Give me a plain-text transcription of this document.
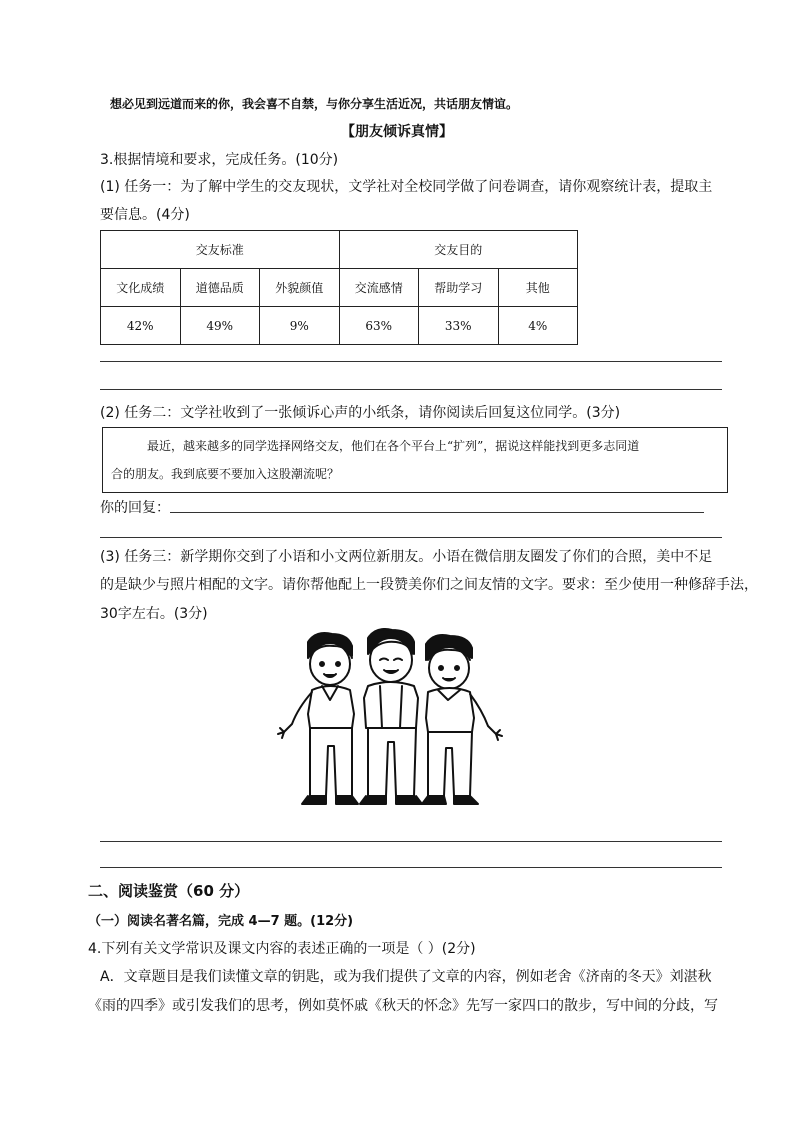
想必见到远道而来的你，我会喜不自禁，与你分享生活近况，共话朋友情谊。
【朋友倾诉真情】
3.根据情境和要求，完成任务。(10分)
(1) 任务一：为了解中学生的交友现状，文学社对全校同学做了问卷调查，请你观察统计表，提取主
要信息。(4分)
交友标准			交友目的		
文化成绩	道德品质	外貌颜值	交流感情	帮助学习	其他
42%	49%	9%	63%	33%	4%
(2) 任务二：文学社收到了一张倾诉心声的小纸条，请你阅读后回复这位同学。(3分)
最近，越来越多的同学选择网络交友，他们在各个平台上“扩列”，据说这样能找到更多志同道
合的朋友。我到底要不要加入这股潮流呢？
你的回复：
(3) 任务三：新学期你交到了小语和小文两位新朋友。小语在微信朋友圈发了你们的合照，美中不足
的是缺少与照片相配的文字。请你帮他配上一段赞美你们之间友情的文字。要求：至少使用一种修辞手法，
30字左右。(3分)
二、阅读鉴赏（60 分）
（一）阅读名著名篇，完成 4—7 题。(12分)
4.下列有关文学常识及课文内容的表述正确的一项是（ ）(2分)
A．文章题目是我们读懂文章的钥匙，或为我们提供了文章的内容，例如老舍《济南的冬天》刘湛秋
《雨的四季》或引发我们的思考，例如莫怀戚《秋天的怀念》先写一家四口的散步，写中间的分歧，写
